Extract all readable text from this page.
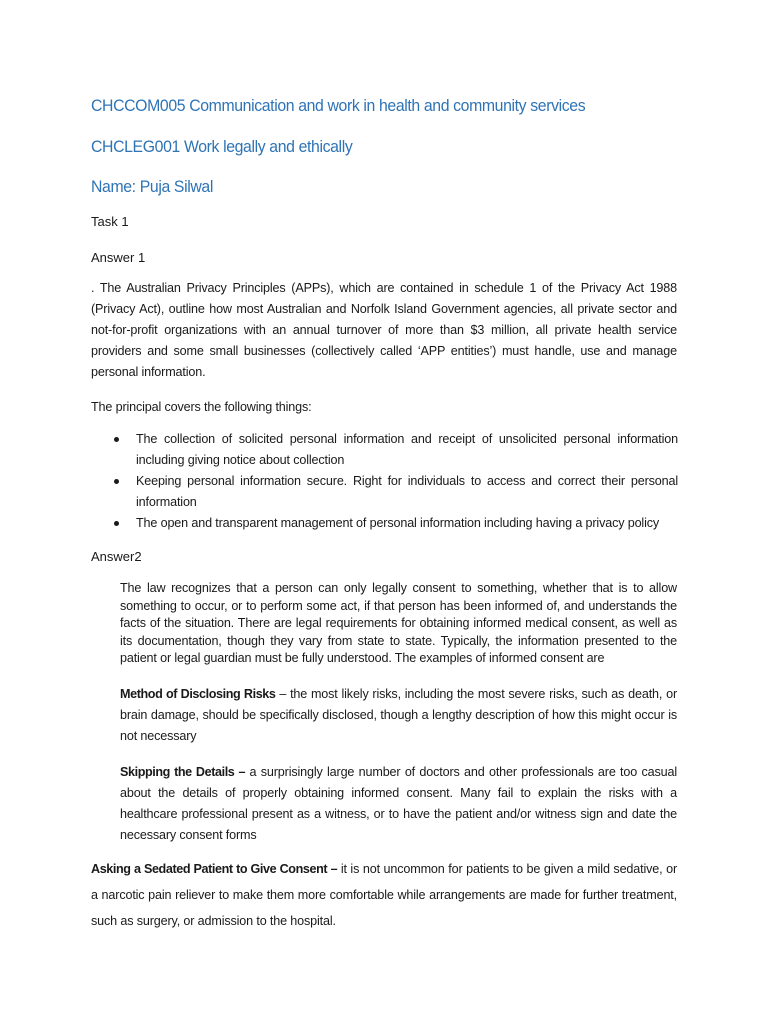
CHCCOM005 Communication and work in health and community services
CHCLEG001 Work legally and ethically
Name: Puja Silwal
Task 1
Answer 1
. The Australian Privacy Principles (APPs), which are contained in schedule 1 of the Privacy Act 1988 (Privacy Act), outline how most Australian and Norfolk Island Government agencies, all private sector and not-for-profit organizations with an annual turnover of more than $3 million, all private health service providers and some small businesses (collectively called ‘APP entities’) must handle, use and manage personal information.
The principal covers the following things:
The collection of solicited personal information and receipt of unsolicited personal information including giving notice about collection
Keeping personal information secure. Right for individuals to access and correct their personal information
The open and transparent management of personal information including having a privacy policy
Answer2
The law recognizes that a person can only legally consent to something, whether that is to allow something to occur, or to perform some act, if that person has been informed of, and understands the facts of the situation. There are legal requirements for obtaining informed medical consent, as well as its documentation, though they vary from state to state. Typically, the information presented to the patient or legal guardian must be fully understood. The examples of informed consent are
Method of Disclosing Risks – the most likely risks, including the most severe risks, such as death, or brain damage, should be specifically disclosed, though a lengthy description of how this might occur is not necessary
Skipping the Details – a surprisingly large number of doctors and other professionals are too casual about the details of properly obtaining informed consent. Many fail to explain the risks with a healthcare professional present as a witness, or to have the patient and/or witness sign and date the necessary consent forms
Asking a Sedated Patient to Give Consent – it is not uncommon for patients to be given a mild sedative, or a narcotic pain reliever to make them more comfortable while arrangements are made for further treatment, such as surgery, or admission to the hospital.
